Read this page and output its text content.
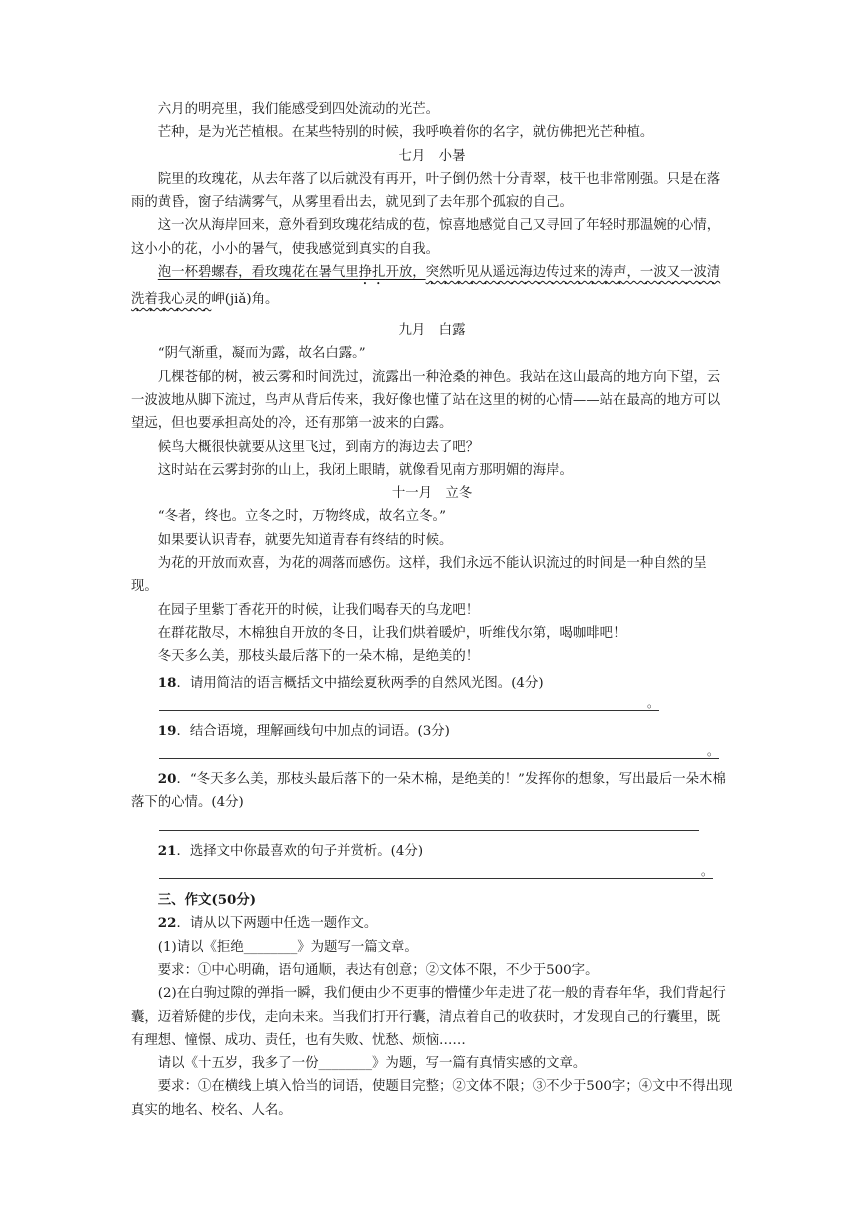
六月的明亮里，我们能感受到四处流动的光芒。

芒种，是为光芒植根。在某些特别的时候，我呼唤着你的名字，就仿佛把光芒种植。

七月　小暑

院里的玫瑰花，从去年落了以后就没有再开，叶子倒仍然十分青翠，枝干也非常刚强。只是在落雨的黄昏，窗子结满雾气，从雾里看出去，就见到了去年那个孤寂的自己。

这一次从海岸回来，意外看到玫瑰花结成的苞，惊喜地感觉自己又寻回了年轻时那温婉的心情，这小小的花，小小的暑气，使我感觉到真实的自我。

泡一杯碧螺春，看玫瑰花在暑气里挣扎开放，突然听见从遥远海边传过来的涛声，一波又一波清洗着我心灵的岬(jiǎ)角。

九月　白露

“阴气渐重，凝而为露，故名白露。”

几棵苍郁的树，被云雾和时间洗过，流露出一种沧桑的神色。我站在这山最高的地方向下望，云一波波地从脚下流过，鸟声从背后传来，我好像也懂了站在这里的树的心情——站在最高的地方可以望远，但也要承担高处的冷，还有那第一波来的白露。

候鸟大概很快就要从这里飞过，到南方的海边去了吧？

这时站在云雾封弥的山上，我闭上眼睛，就像看见南方那明媚的海岸。

十一月　立冬

“冬者，终也。立冬之时，万物终成，故名立冬。”

如果要认识青春，就要先知道青春有终结的时候。

为花的开放而欢喜，为花的凋落而感伤。这样，我们永远不能认识流过的时间是一种自然的呈现。

在园子里紫丁香花开的时候，让我们喝春天的乌龙吧！

在群花散尽，木棉独自开放的冬日，让我们烘着暖炉，听维伐尔第，喝咖啡吧！

冬天多么美，那枝头最后落下的一朵木棉，是绝美的！

18．请用简洁的语言概括文中描绘夏秋两季的自然风光图。(4分)

。

19．结合语境，理解画线句中加点的词语。(3分)

。

20．“冬天多么美，那枝头最后落下的一朵木棉，是绝美的！”发挥你的想象，写出最后一朵木棉落下的心情。(4分)

21．选择文中你最喜欢的句子并赏析。(4分)

。

三、作文(50分)

22．请从以下两题中任选一题作文。

(1)请以《拒绝________》为题写一篇文章。

要求：①中心明确，语句通顺，表达有创意；②文体不限，不少于500字。

(2)在白驹过隙的弹指一瞬，我们便由少不更事的懵懂少年走进了花一般的青春年华，我们背起行囊，迈着矫健的步伐，走向未来。当我们打开行囊，清点着自己的收获时，才发现自己的行囊里，既有理想、憧憬、成功、责任，也有失败、忧愁、烦恼……

请以《十五岁，我多了一份________》为题，写一篇有真情实感的文章。

要求：①在横线上填入恰当的词语，使题目完整；②文体不限；③不少于500字；④文中不得出现真实的地名、校名、人名。
